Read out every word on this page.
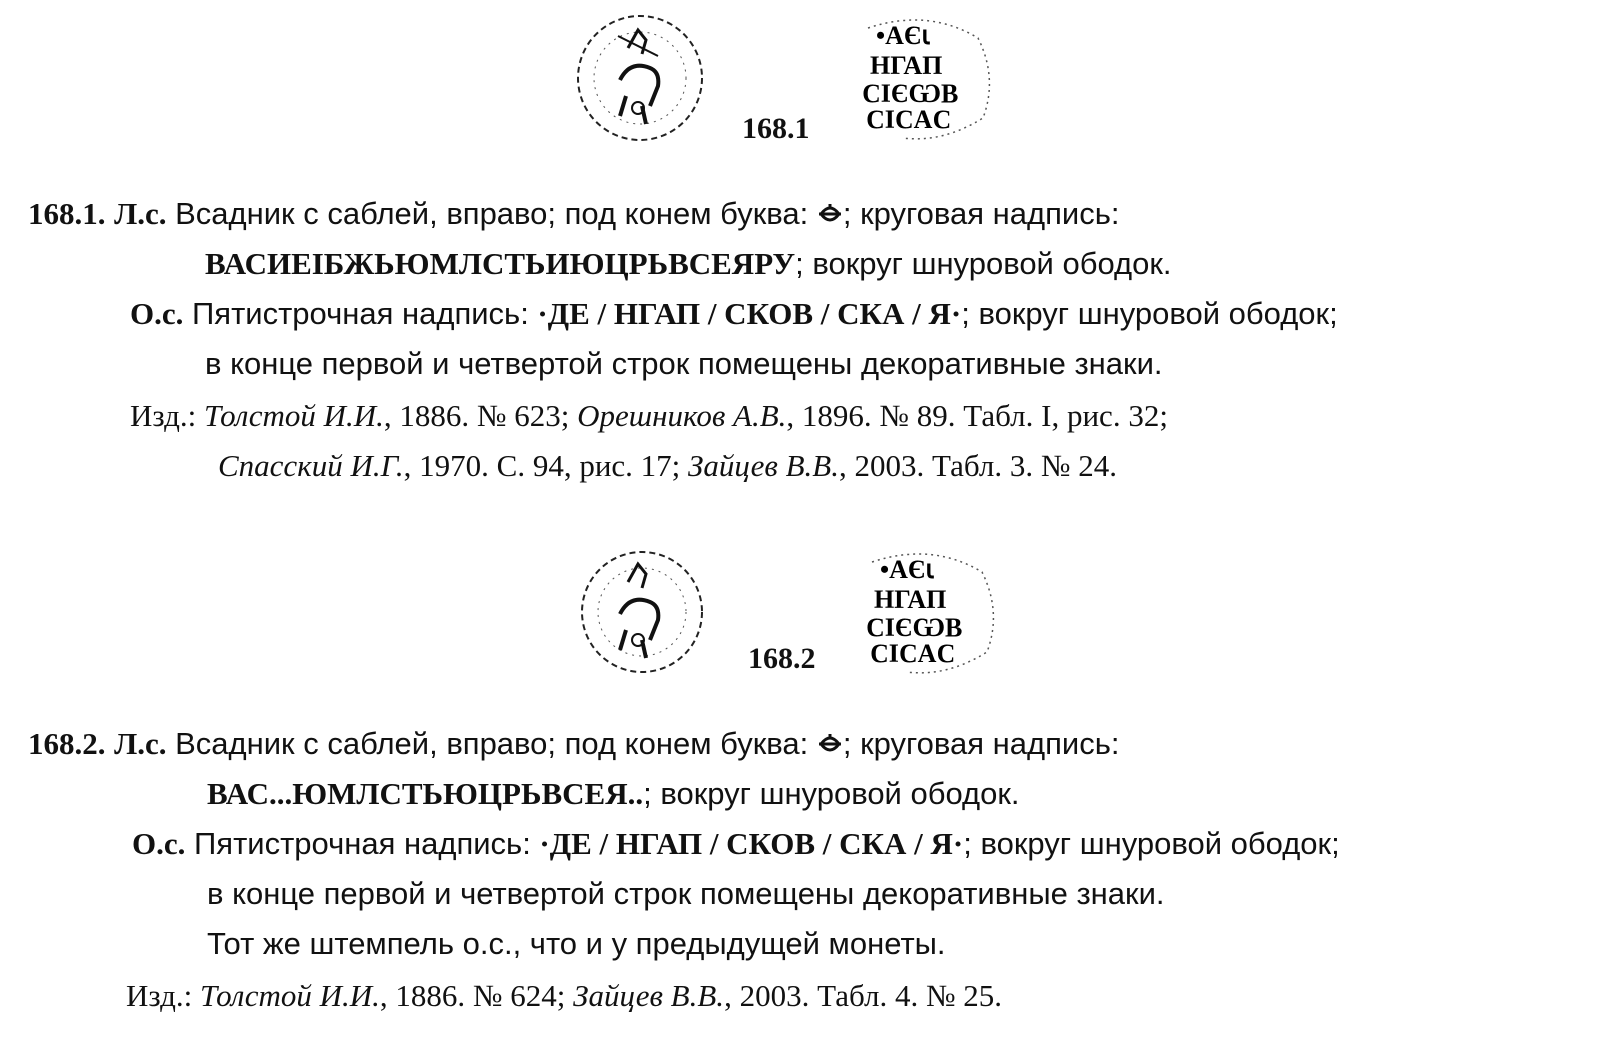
•ΑЄꙇ
ΗΓΑΠ
ϹΙЄѠΒ
ϹΙϹΑϹ
168.1
168.1. Л.с. Всадник с саблей, вправо; под конем буква: ; круговая надпись:
ВАСИЕІБЖЬЮМЛСТЬИЮЦРЬВСЕЯРУ; вокруг шнуровой ободок.
О.с. Пятистрочная надпись: ·ДЕ / НГАП / СКОВ / СКА / Я·; вокруг шнуровой ободок;
в конце первой и четвертой строк помещены декоративные знаки.
Изд.: Толстой И.И., 1886. № 623; Орешников А.В., 1896. № 89. Табл. I, рис. 32;
Спасский И.Г., 1970. С. 94, рис. 17; Зайцев В.В., 2003. Табл. 3. № 24.
•ΑЄꙇ
ΗΓΑΠ
ϹΙЄѠΒ
ϹΙϹΑϹ
168.2
168.2. Л.с. Всадник с саблей, вправо; под конем буква: ; круговая надпись:
ВАС...ЮМЛСТЬЮЦРЬВСЕЯ..; вокруг шнуровой ободок.
О.с. Пятистрочная надпись: ·ДЕ / НГАП / СКОВ / СКА / Я·; вокруг шнуровой ободок;
в конце первой и четвертой строк помещены декоративные знаки.
Тот же штемпель о.с., что и у предыдущей монеты.
Изд.: Толстой И.И., 1886. № 624; Зайцев В.В., 2003. Табл. 4. № 25.
